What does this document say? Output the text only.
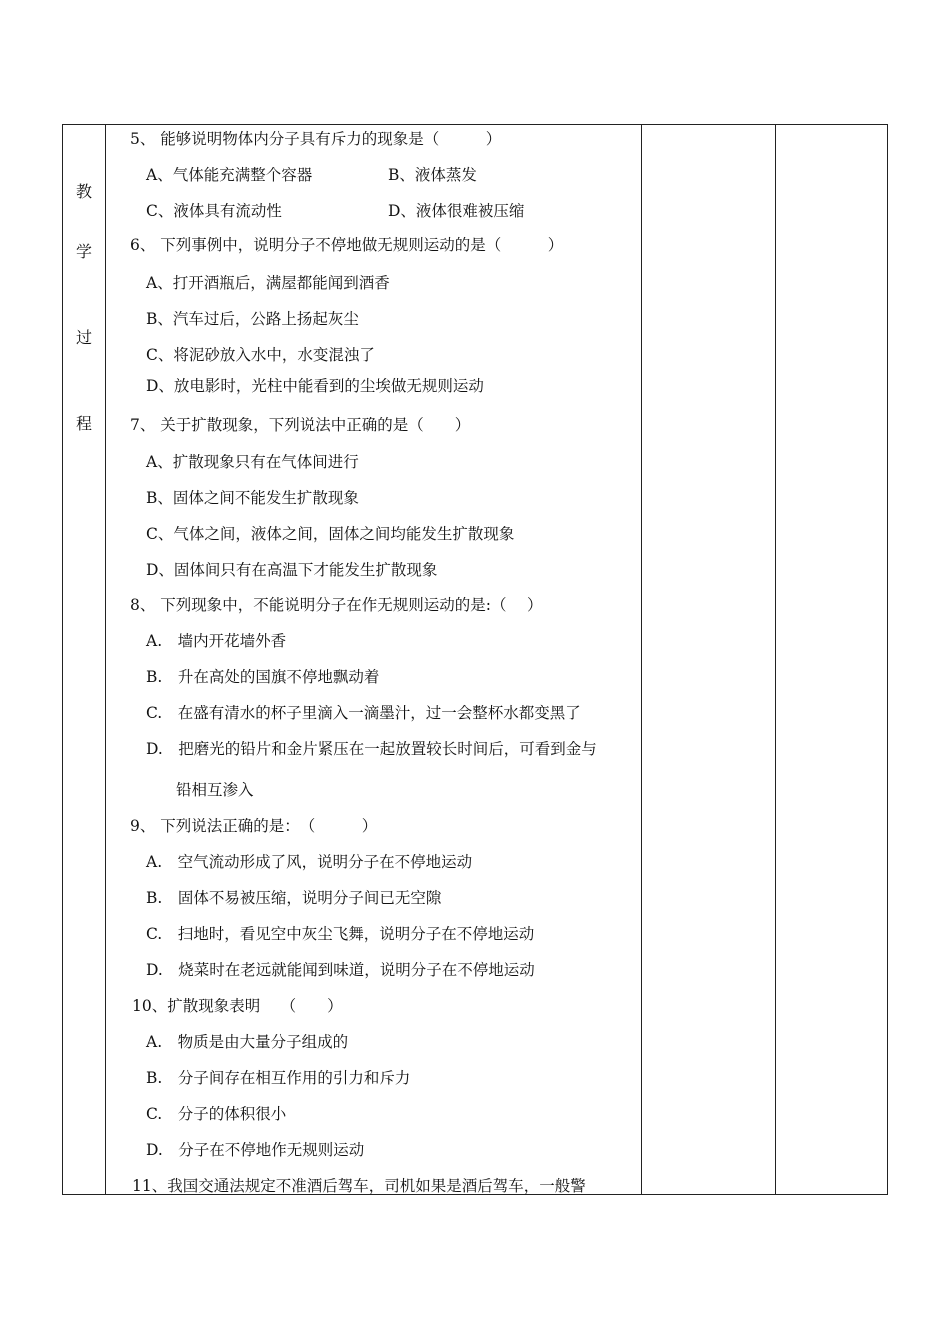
教
学
过
程
5、 能够说明物体内分子具有斥力的现象是（　　　）
A、气体能充满整个容器	B、液体蒸发
C、液体具有流动性	D、液体很难被压缩
6、 下列事例中，说明分子不停地做无规则运动的是（　　　）
A、打开酒瓶后，满屋都能闻到酒香
B、汽车过后，公路上扬起灰尘
C、将泥砂放入水中，水变混浊了
D、放电影时，光柱中能看到的尘埃做无规则运动
7、 关于扩散现象，下列说法中正确的是（　　）
A、扩散现象只有在气体间进行
B、固体之间不能发生扩散现象
C、气体之间，液体之间，固体之间均能发生扩散现象
D、固体间只有在高温下才能发生扩散现象
8、 下列现象中，不能说明分子在作无规则运动的是:（　 ）
A.　墙内开花墙外香
B.　升在高处的国旗不停地飘动着
C.　在盛有清水的杯子里滴入一滴墨汁，过一会整杯水都变黑了
D.　把磨光的铅片和金片紧压在一起放置较长时间后，可看到金与
铅相互渗入
9、 下列说法正确的是：　（　　　）
A.　空气流动形成了风，说明分子在不停地运动
B.　固体不易被压缩，说明分子间已无空隙
C.　扫地时，看见空中灰尘飞舞，说明分子在不停地运动
D.　烧菜时在老远就能闻到味道，说明分子在不停地运动
10、扩散现象表明　 （　　）
A.　物质是由大量分子组成的
B.　分子间存在相互作用的引力和斥力
C.　分子的体积很小
D.　分子在不停地作无规则运动
11、我国交通法规定不准酒后驾车，司机如果是酒后驾车，一般警
